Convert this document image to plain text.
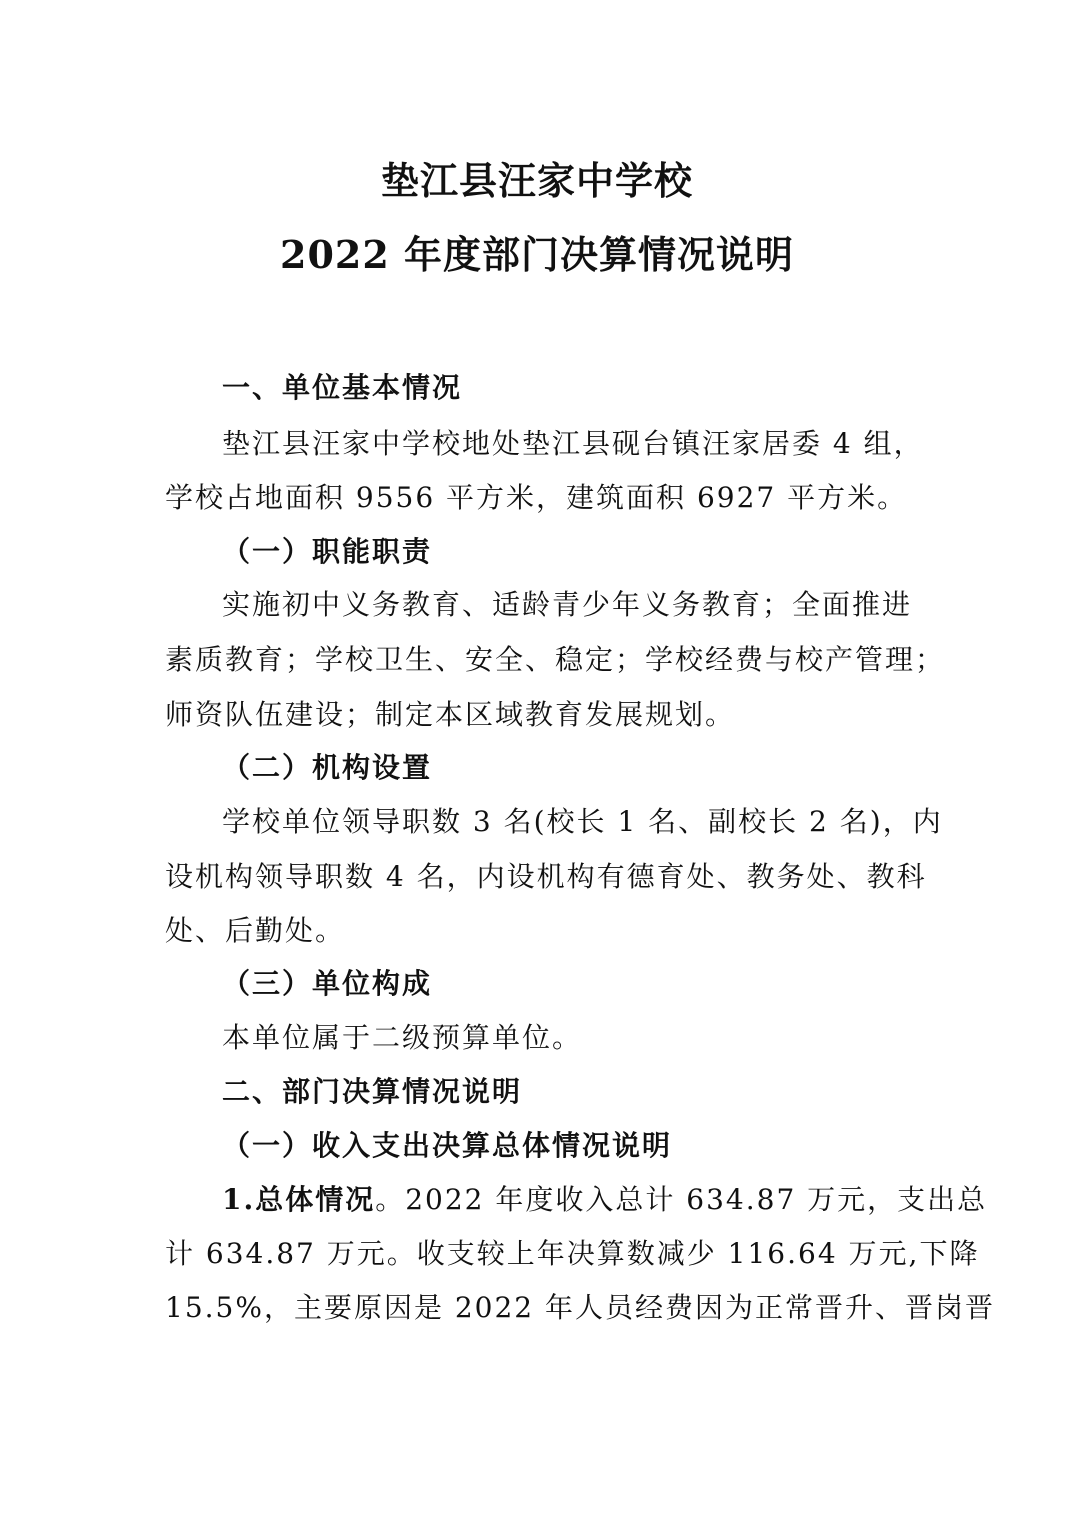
垫江县汪家中学校
2022 年度部门决算情况说明
一、单位基本情况
垫江县汪家中学校地处垫江县砚台镇汪家居委 4 组，
学校占地面积 9556 平方米，建筑面积 6927 平方米。
（一）职能职责
实施初中义务教育、适龄青少年义务教育；全面推进
素质教育；学校卫生、安全、稳定；学校经费与校产管理；
师资队伍建设；制定本区域教育发展规划。
（二）机构设置
学校单位领导职数 3 名(校长 1 名、副校长 2 名)，内
设机构领导职数 4 名，内设机构有德育处、教务处、教科
处、后勤处。
（三）单位构成
本单位属于二级预算单位。
二、部门决算情况说明
（一）收入支出决算总体情况说明
1.总体情况。2022 年度收入总计 634.87 万元，支出总
计 634.87 万元。收支较上年决算数减少 116.64 万元,下降
15.5%，主要原因是 2022 年人员经费因为正常晋升、晋岗晋
